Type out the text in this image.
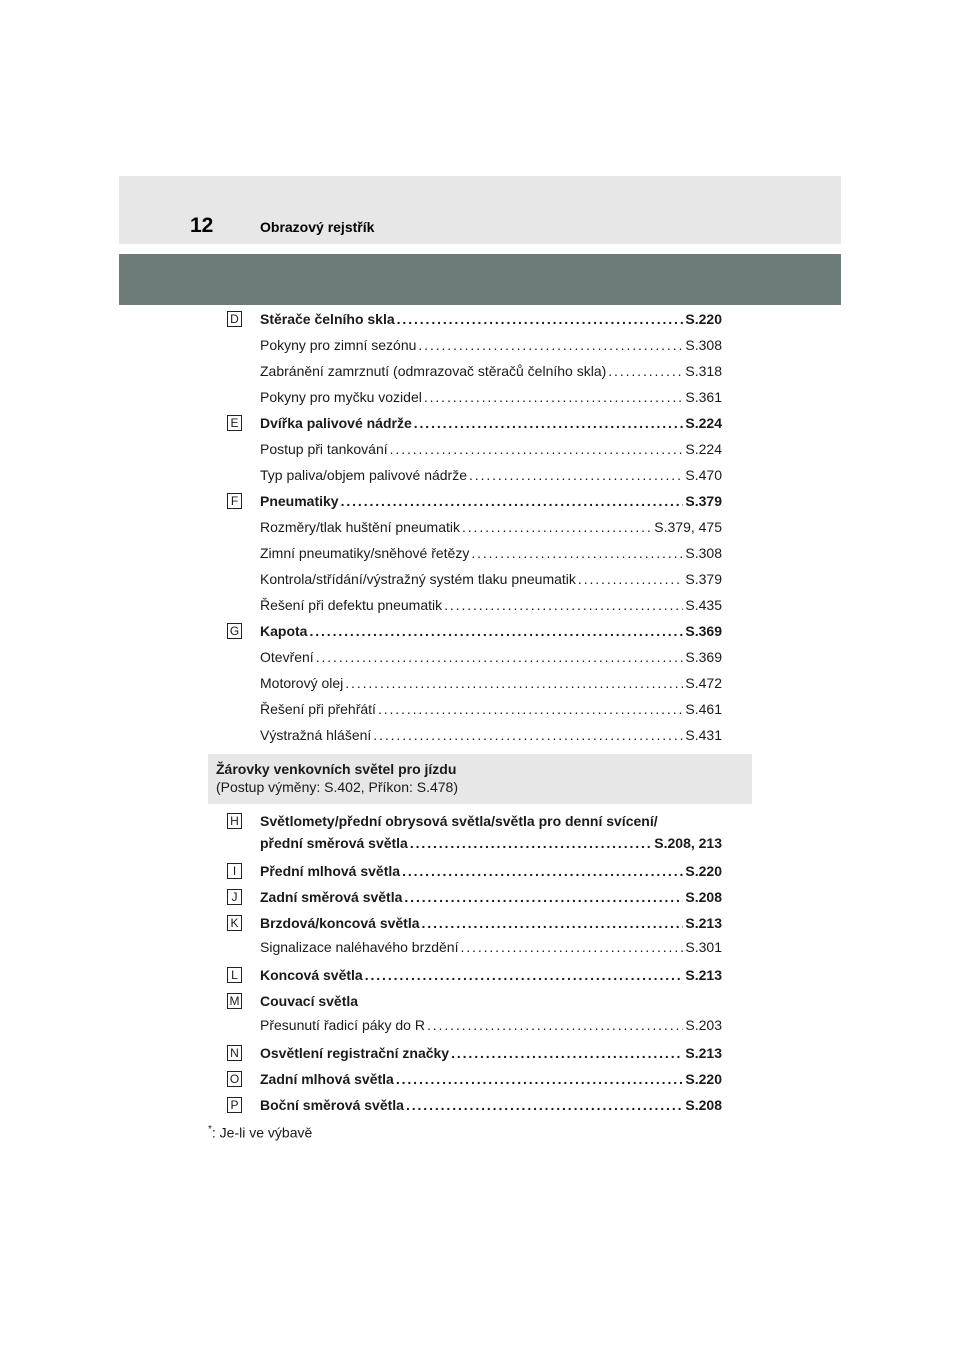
12	Obrazový rejstřík
D Stěrače čelního skla . . .	S.220
Pokyny pro zimní sezónu . . .	S.308
Zabránění zamrznutí (odmrazovač stěračů čelního skla) . . .	S.318
Pokyny pro myčku vozidel . . .	S.361
E Dvířka palivové nádrže . . .	S.224
Postup při tankování . . .	S.224
Typ paliva/objem palivové nádrže . . .	S.470
F Pneumatiky . . .	S.379
Rozměry/tlak huštění pneumatik . . .	S.379, 475
Zimní pneumatiky/sněhové řetězy . . .	S.308
Kontrola/střídání/výstražný systém tlaku pneumatik . . .	S.379
Řešení při defektu pneumatik . . .	S.435
G Kapota . . .	S.369
Otevření . . .	S.369
Motorový olej . . .	S.472
Řešení při přehřátí . . .	S.461
Výstražná hlášení . . .	S.431
Žárovky venkovních světel pro jízdu
(Postup výměny: S.402, Příkon: S.478)
H Světlomety/přední obrysová světla/světla pro denní svícení/
přední směrová světla . . .	S.208, 213
I	Přední mlhová světla . . .	S.220
J	Zadní směrová světla . . .	S.208
K Brzdová/koncová světla . . .	S.213
Signalizace naléhavého brzdění . . .	S.301
L Koncová světla . . .	S.213
M Couvací světla
Přesunutí řadicí páky do R . . .	S.203
N Osvětlení registrační značky . . .	S.213
O Zadní mlhová světla . . .	S.220
P Boční směrová světla . . .	S.208
*: Je-li ve výbavě
